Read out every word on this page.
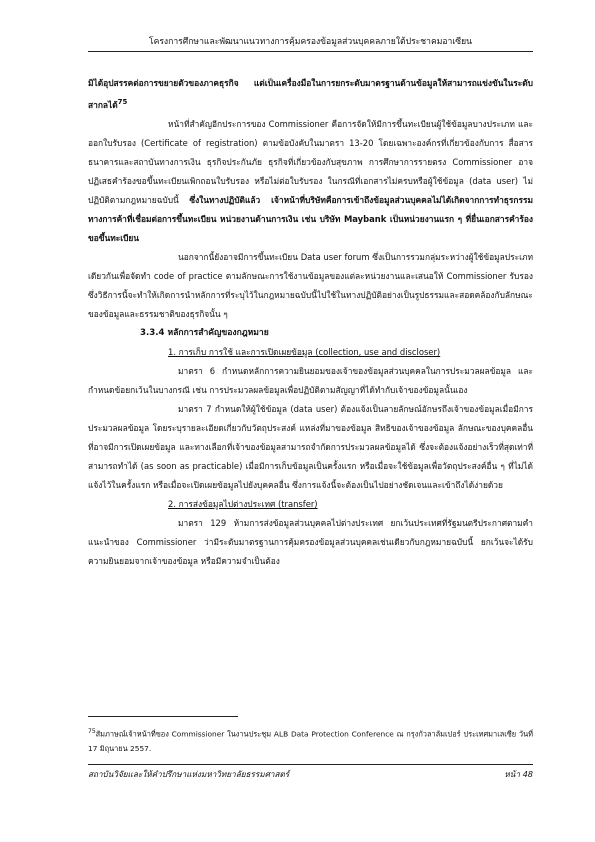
โครงการศึกษาและพัฒนาแนวทางการคุ้มครองข้อมูลส่วนบุคคลภายใต้ประชาคมอาเซียน

มิได้อุปสรรคต่อการขยายตัวของภาคธุรกิจ แต่เป็นเครื่องมือในการยกระดับมาตรฐานด้านข้อมูลให้สามารถแข่งขันในระดับสากลได้$^{75}$

หน้าที่สำคัญอีกประการของ Commissioner คือการจัดให้มีการขึ้นทะเบียนผู้ใช้ข้อมูลบางประเภท และออกใบรับรอง (Certificate of registration) ตามข้อบังคับในมาตรา 13-20 โดยเฉพาะองค์กรที่เกี่ยวข้องกับการ สื่อสาร ธนาคารและสถาบันทางการเงิน ธุรกิจประกันภัย ธุรกิจที่เกี่ยวข้องกับสุขภาพ การศึกษาการรายตรง Commissioner อาจปฏิเสธคำร้องขอขึ้นทะเบียนเพิกถอนใบรับรอง หรือไม่ต่อใบรับรอง ในกรณีที่เอกสารไม่ครบหรือผู้ใช้ข้อมูล (data user) ไม่ปฏิบัติตามกฎหมายฉบับนี้ ซึ่งในทางปฏิบัติแล้ว เจ้าหน้าที่บริษัทคือการเข้าถึงข้อมูลส่วนบุคคลไม่ได้เกิดจากการทำธุรกรรมทางการค้าที่เชื่อมต่อการขึ้นทะเบียน หน่วยงานด้านการเงิน เช่น บริษัท Maybank เป็นหน่วยงานแรก ๆ ที่ยื่นเอกสารคำร้องขอขึ้นทะเบียน

นอกจากนี้ยังอาจมีการขึ้นทะเบียน Data user forum ซึ่งเป็นการรวมกลุ่มระหว่างผู้ใช้ข้อมูลประเภทเดียวกันเพื่อจัดทำ code of practice ตามลักษณะการใช้งานข้อมูลของแต่ละหน่วยงานและเสนอให้ Commissioner รับรอง ซึ่งวิธีการนี้จะทำให้เกิดการนำหลักการที่ระบุไว้ในกฎหมายฉบับนี้ไปใช้ในทางปฏิบัติอย่างเป็นรูปธรรมและสอดคล้องกับลักษณะของข้อมูลและธรรมชาติของธุรกิจนั้น ๆ

3.3.4 หลักการสำคัญของกฎหมาย
1. การเก็บ การใช้ และการเปิดเผยข้อมูล (collection, use and discloser)

มาตรา 6 กำหนดหลักการความยินยอมของเจ้าของข้อมูลส่วนบุคคลในการประมวลผลข้อมูล และกำหนดข้อยกเว้นในบางกรณี เช่น การประมวลผลข้อมูลเพื่อปฏิบัติตามสัญญาที่ได้ทำกับเจ้าของข้อมูลนั้นเอง

มาตรา 7 กำหนดให้ผู้ใช้ข้อมูล (data user) ต้องแจ้งเป็นลายลักษณ์อักษรถึงเจ้าของข้อมูลเมื่อมีการประมวลผลข้อมูล โดยระบุรายละเอียดเกี่ยวกับวัตถุประสงค์ แหล่งที่มาของข้อมูล สิทธิของเจ้าของข้อมูล ลักษณะของบุคคลอื่นที่อาจมีการเปิดเผยข้อมูล และทางเลือกที่เจ้าของข้อมูลสามารถจำกัดการประมวลผลข้อมูลได้ ซึ่งจะต้องแจ้งอย่างเร็วที่สุดเท่าที่สามารถทำได้ (as soon as practicable) เมื่อมีการเก็บข้อมูลเป็นครั้งแรก หรือเมื่อจะใช้ข้อมูลเพื่อวัตถุประสงค์อื่น ๆ ที่ไม่ได้แจ้งไว้ในครั้งแรก หรือเมื่อจะเปิดเผยข้อมูลไปยังบุคคลอื่น ซึ่งการแจ้งนี้จะต้องเป็นไปอย่างชัดเจนและเข้าถึงได้ง่ายด้วย

2. การส่งข้อมูลไปต่างประเทศ (transfer)

มาตรา 129 ห้ามการส่งข้อมูลส่วนบุคคลไปต่างประเทศ ยกเว้นประเทศที่รัฐมนตรีประกาศตามคำแนะนำของ Commissioner ว่ามีระดับมาตรฐานการคุ้มครองข้อมูลส่วนบุคคลเช่นเดียวกับกฎหมายฉบับนี้ ยกเว้นจะได้รับความยินยอมจากเจ้าของข้อมูล หรือมีความจำเป็นต้อง

$^{75}$สัมภาษณ์เจ้าหน้าที่ของ Commissioner ในงานประชุม ALB Data Protection Conference ณ กรุงกัวลาลัมเปอร์ ประเทศมาเลเซีย วันที่ 17 มิถุนายน 2557.
สถาบันวิจัยและให้คำปรึกษาแห่งมหาวิทยาลัยธรรมศาสตร์	หน้า 48
